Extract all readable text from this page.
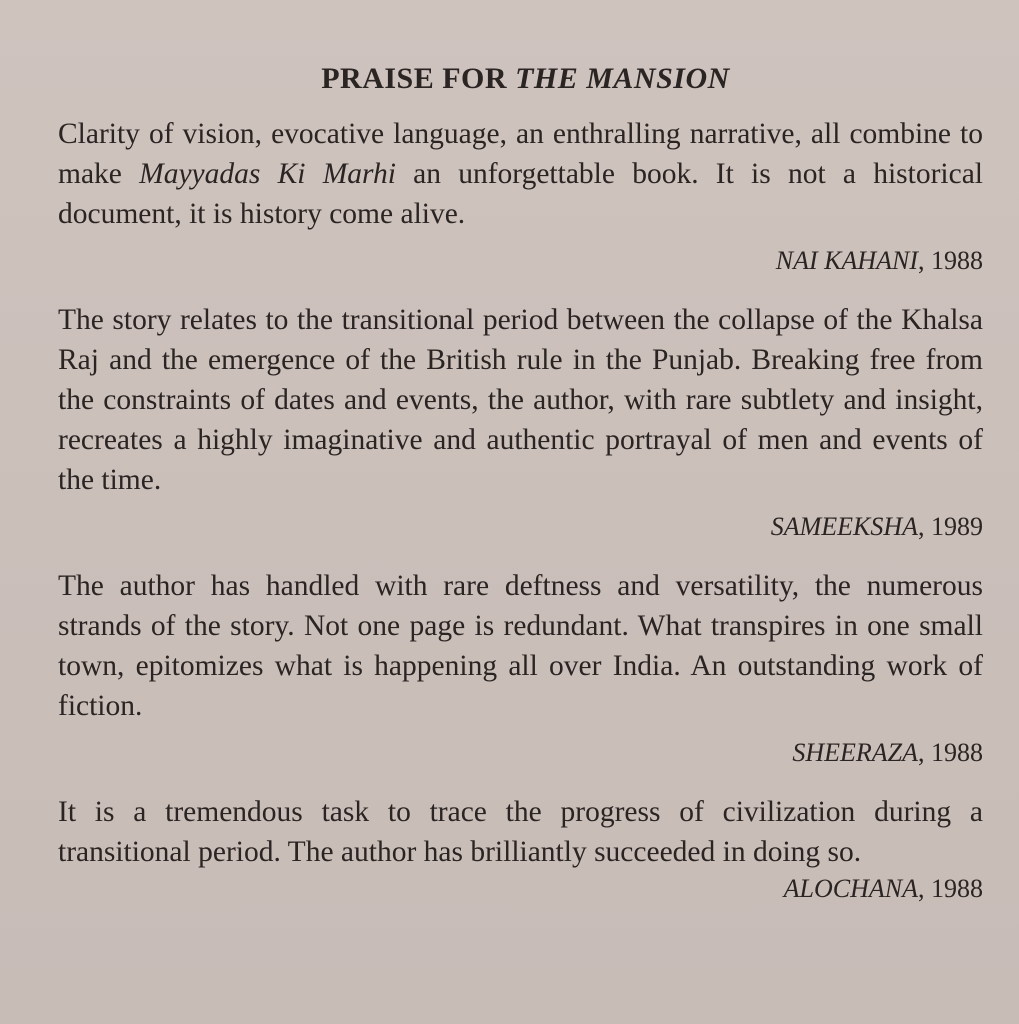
PRAISE FOR THE MANSION

Clarity of vision, evocative language, an enthralling narrative, all combine to make Mayyadas Ki Marhi an unforgettable book. It is not a historical document, it is history come alive.

NAI KAHANI, 1988

The story relates to the transitional period between the collapse of the Khalsa Raj and the emergence of the British rule in the Punjab. Breaking free from the constraints of dates and events, the author, with rare subtlety and insight, recreates a highly imaginative and authentic portrayal of men and events of the time.

SAMEEKSHA, 1989

The author has handled with rare deftness and versatility, the numerous strands of the story. Not one page is redundant. What transpires in one small town, epitomizes what is happening all over India. An outstanding work of fiction.

SHEERAZA, 1988

It is a tremendous task to trace the progress of civilization during a transitional period. The author has brilliantly succeeded in doing so.

ALOCHANA, 1988
